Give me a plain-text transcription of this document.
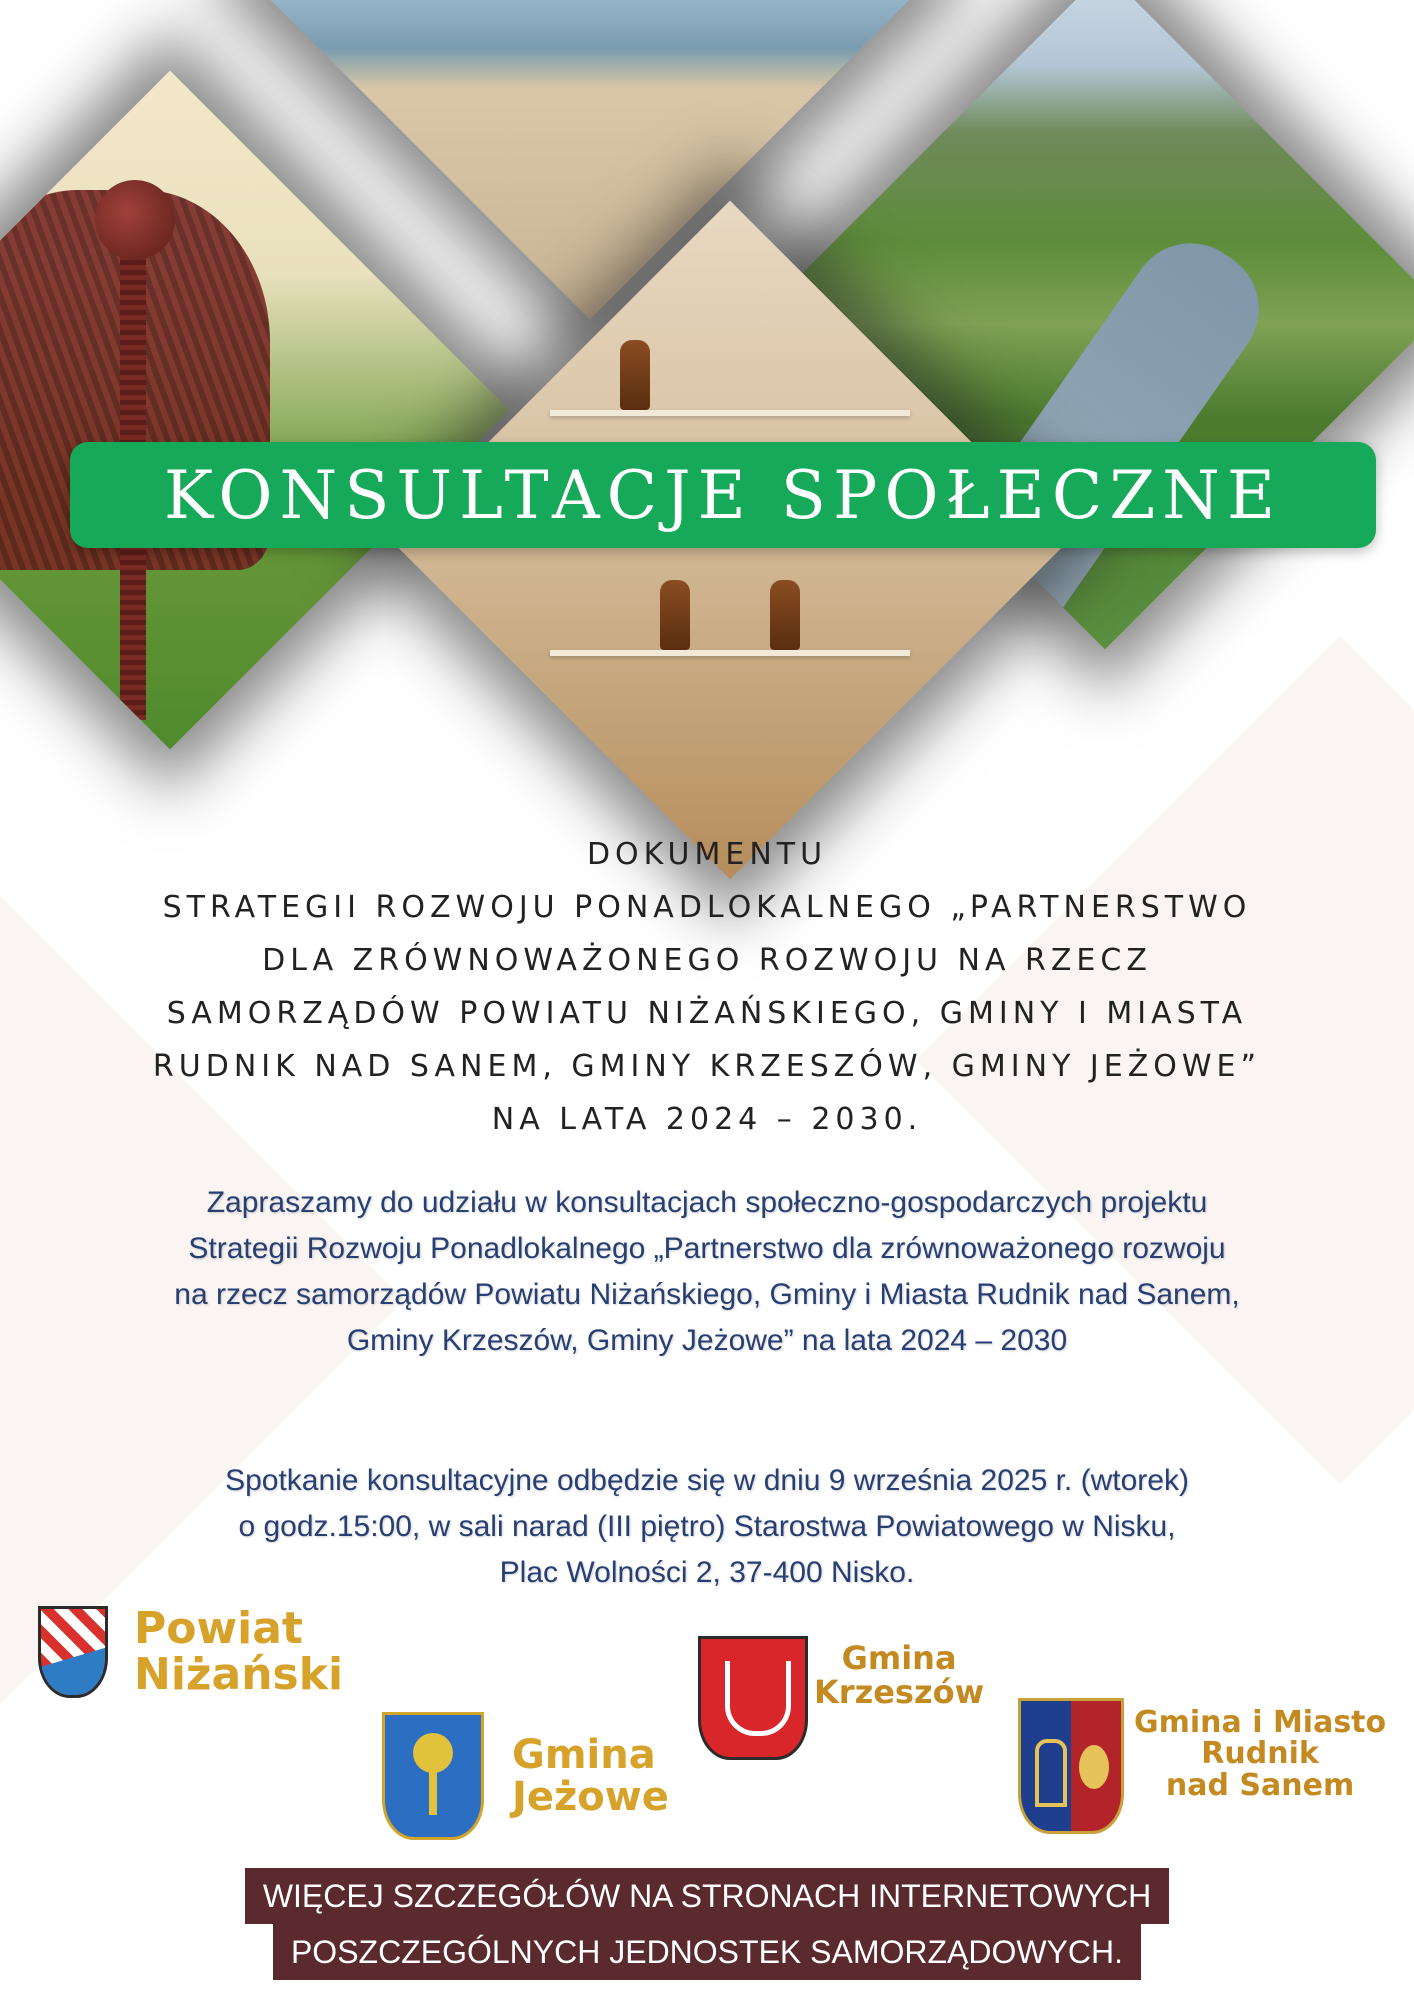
KONSULTACJE SPOŁECZNE
DOKUMENTU
STRATEGII ROZWOJU PONADLOKALNEGO „PARTNERSTWO
DLA ZRÓWNOWAŻONEGO ROZWOJU NA RZECZ
SAMORZĄDÓW POWIATU NIŻAŃSKIEGO, GMINY I MIASTA
RUDNIK NAD SANEM, GMINY KRZESZÓW, GMINY JEŻOWE”
NA LATA 2024 – 2030.
Zapraszamy do udziału w konsultacjach społeczno-gospodarczych projektu
Strategii Rozwoju Ponadlokalnego „Partnerstwo dla zrównoważonego rozwoju
na rzecz samorządów Powiatu Niżańskiego, Gminy i Miasta Rudnik nad Sanem,
Gminy Krzeszów, Gminy Jeżowe” na lata 2024 – 2030
Spotkanie konsultacyjne odbędzie się w dniu 9 września 2025 r. (wtorek)
o godz.15:00, w sali narad (III piętro) Starostwa Powiatowego w Nisku,
Plac Wolności 2, 37-400 Nisko.
Powiat
Niżański
Gmina
Jeżowe
Gmina
Krzeszów
Gmina i Miasto
Rudnik
nad Sanem
WIĘCEJ SZCZEGÓŁÓW NA STRONACH INTERNETOWYCH
POSZCZEGÓLNYCH JEDNOSTEK SAMORZĄDOWYCH.
